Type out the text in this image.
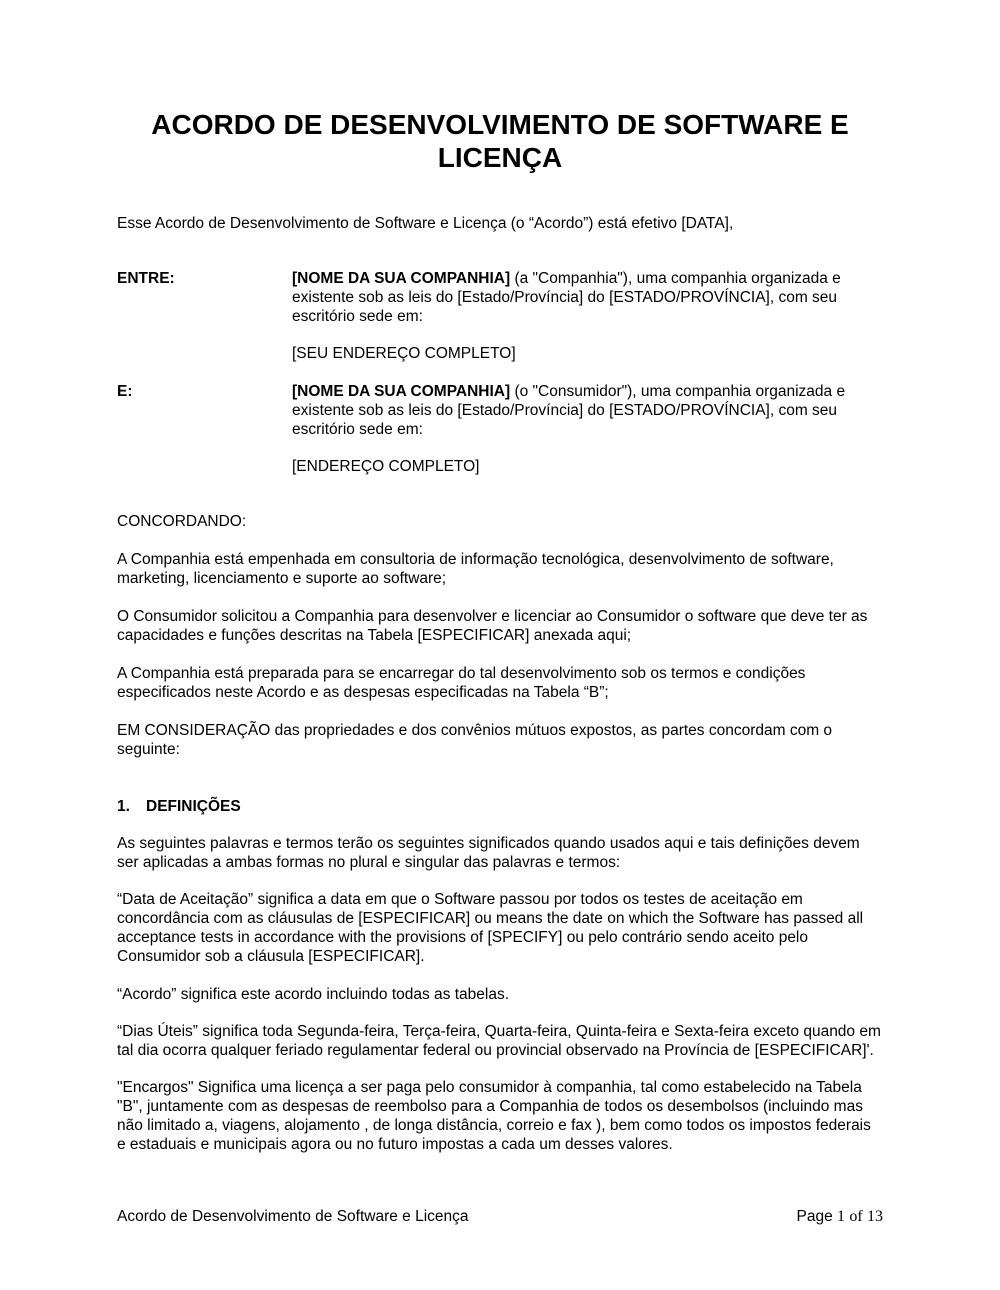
ACORDO DE DESENVOLVIMENTO DE SOFTWARE E LICENÇA

Esse Acordo de Desenvolvimento de Software e Licença (o “Acordo”) está efetivo [DATA],

ENTRE:	[NOME DA SUA COMPANHIA] (a "Companhia"), uma companhia organizada e existente sob as leis do [Estado/Província] do [ESTADO/PROVÍNCIA], com seu escritório sede em:

[SEU ENDEREÇO COMPLETO]

E:	[NOME DA SUA COMPANHIA] (o "Consumidor"), uma companhia organizada e existente sob as leis do [Estado/Província] do [ESTADO/PROVÍNCIA], com seu escritório sede em:

[ENDEREÇO COMPLETO]

CONCORDANDO:

A Companhia está empenhada em consultoria de informação tecnológica, desenvolvimento de software, marketing, licenciamento e suporte ao software;

O Consumidor solicitou a Companhia para desenvolver e licenciar ao Consumidor o software que deve ter as capacidades e funções descritas na Tabela [ESPECIFICAR] anexada aqui;

A Companhia está preparada para se encarregar do tal desenvolvimento sob os termos e condições especificados neste Acordo e as despesas especificadas na Tabela “B”;

EM CONSIDERAÇÃO das propriedades e dos convênios mútuos expostos, as partes concordam com o seguinte:

1. DEFINIÇÕES

As seguintes palavras e termos terão os seguintes significados quando usados aqui e tais definições devem ser aplicadas a ambas formas no plural e singular das palavras e termos:

“Data de Aceitação” significa a data em que o Software passou por todos os testes de aceitação em concordância com as cláusulas de [ESPECIFICAR] ou means the date on which the Software has passed all acceptance tests in accordance with the provisions of [SPECIFY] ou pelo contrário sendo aceito pelo Consumidor sob a cláusula [ESPECIFICAR].

“Acordo” significa este acordo incluindo todas as tabelas.

“Dias Úteis” significa toda Segunda-feira, Terça-feira, Quarta-feira, Quinta-feira e Sexta-feira exceto quando em tal dia ocorra qualquer feriado regulamentar federal ou provincial observado na Província de [ESPECIFICAR]'.

"Encargos" Significa uma licença a ser paga pelo consumidor à companhia, tal como estabelecido na Tabela "B", juntamente com as despesas de reembolso para a Companhia de todos os desembolsos (incluindo mas não limitado a, viagens, alojamento , de longa distância, correio e fax ), bem como todos os impostos federais e estaduais e municipais agora ou no futuro impostas a cada um desses valores.

Acordo de Desenvolvimento de Software e Licença	Page 1 of 13
